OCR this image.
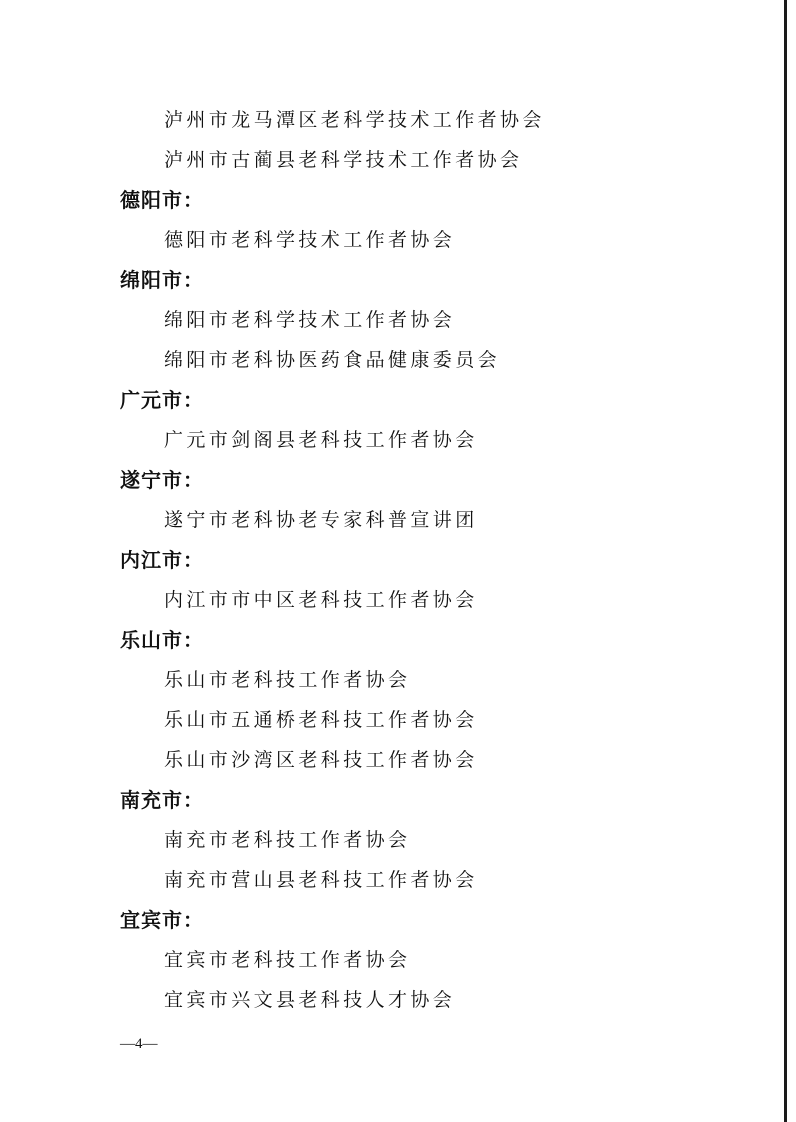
泸州市龙马潭区老科学技术工作者协会
泸州市古蔺县老科学技术工作者协会
德阳市：
德阳市老科学技术工作者协会
绵阳市：
绵阳市老科学技术工作者协会
绵阳市老科协医药食品健康委员会
广元市：
广元市剑阁县老科技工作者协会
遂宁市：
遂宁市老科协老专家科普宣讲团
内江市：
内江市市中区老科技工作者协会
乐山市：
乐山市老科技工作者协会
乐山市五通桥老科技工作者协会
乐山市沙湾区老科技工作者协会
南充市：
南充市老科技工作者协会
南充市营山县老科技工作者协会
宜宾市：
宜宾市老科技工作者协会
宜宾市兴文县老科技人才协会
—4—
